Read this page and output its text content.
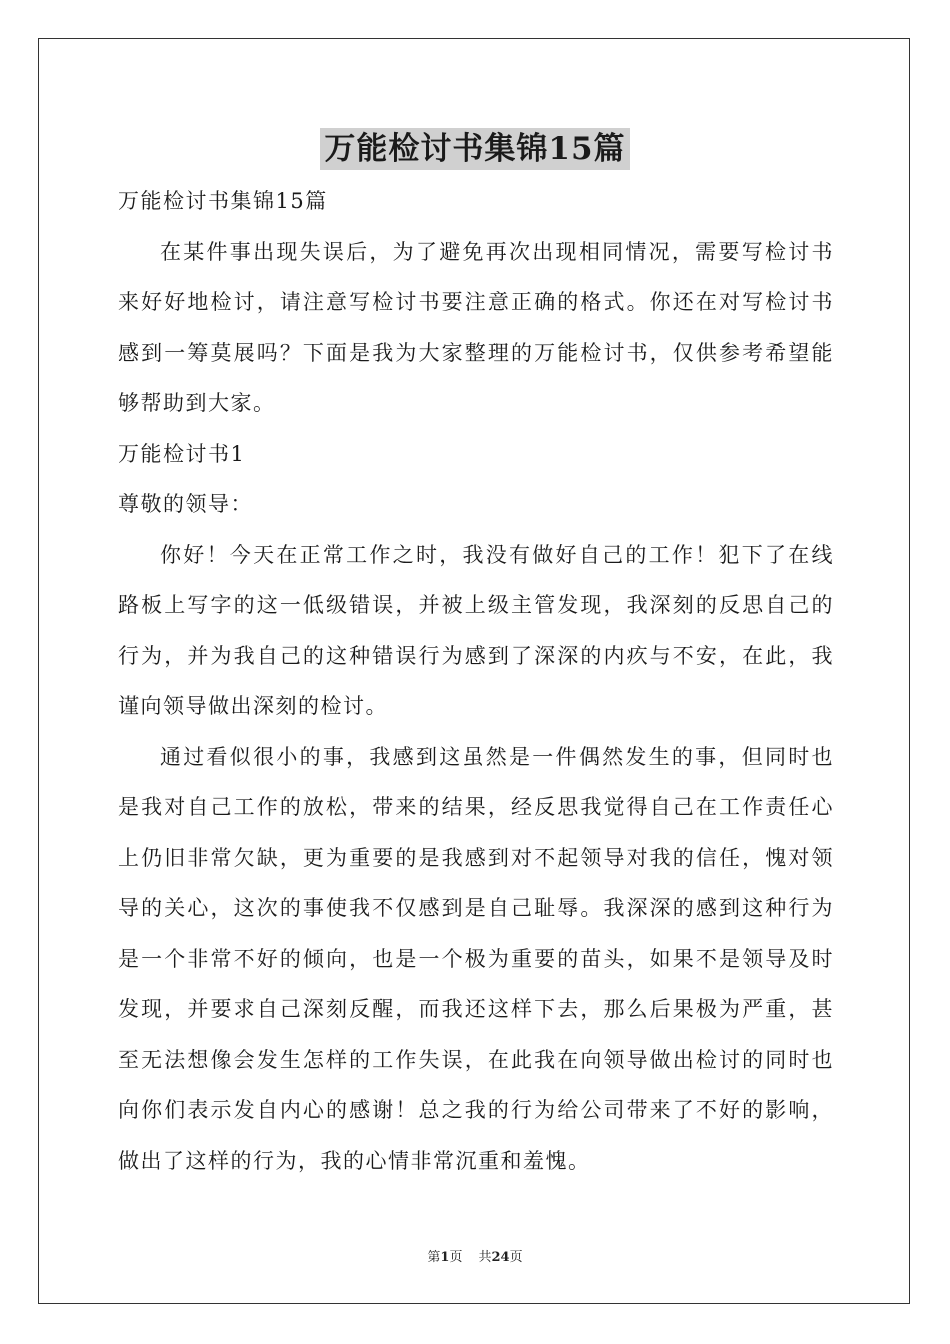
万能检讨书集锦15篇

万能检讨书集锦15篇

在某件事出现失误后，为了避免再次出现相同情况，需要写检讨书来好好地检讨，请注意写检讨书要注意正确的格式。你还在对写检讨书感到一筹莫展吗？下面是我为大家整理的万能检讨书，仅供参考希望能够帮助到大家。

万能检讨书1

尊敬的领导：

你好！今天在正常工作之时，我没有做好自己的工作！犯下了在线路板上写字的这一低级错误，并被上级主管发现，我深刻的反思自己的行为，并为我自己的这种错误行为感到了深深的内疚与不安，在此，我谨向领导做出深刻的检讨。

通过看似很小的事，我感到这虽然是一件偶然发生的事，但同时也是我对自己工作的放松，带来的结果，经反思我觉得自己在工作责任心上仍旧非常欠缺，更为重要的是我感到对不起领导对我的信任，愧对领导的关心，这次的事使我不仅感到是自己耻辱。我深深的感到这种行为是一个非常不好的倾向，也是一个极为重要的苗头，如果不是领导及时发现，并要求自己深刻反醒，而我还这样下去，那么后果极为严重，甚至无法想像会发生怎样的工作失误，在此我在向领导做出检讨的同时也向你们表示发自内心的感谢！总之我的行为给公司带来了不好的影响，做出了这样的行为，我的心情非常沉重和羞愧。

第1页 共24页
